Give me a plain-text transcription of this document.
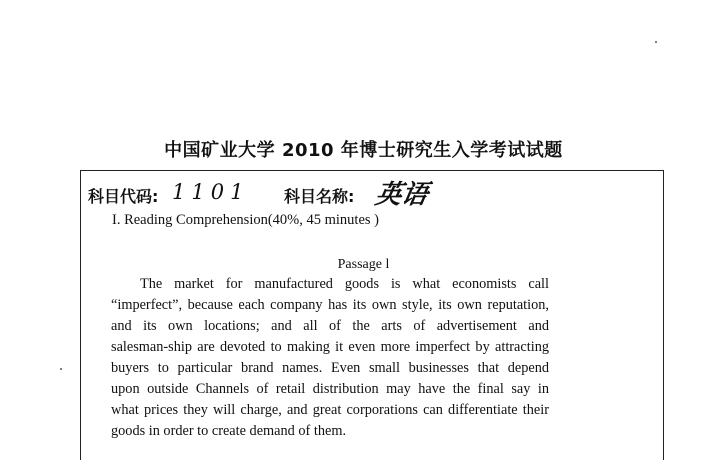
中国矿业大学 2010 年博士研究生入学考试试题
科目代码: 1101 科目名称: 英语
I. Reading Comprehension(40%, 45 minutes )
Passage l
The market for manufactured goods is what economists call
“imperfect”, because each company has its own style, its own reputation,
and its own locations; and all of the arts of advertisement and
salesman-ship are devoted to making it even more imperfect by attracting
buyers to particular brand names. Even small businesses that depend
upon outside Channels of retail distribution may have the final say in
what prices they will charge, and great corporations can differentiate their
goods in order to create demand of them.
